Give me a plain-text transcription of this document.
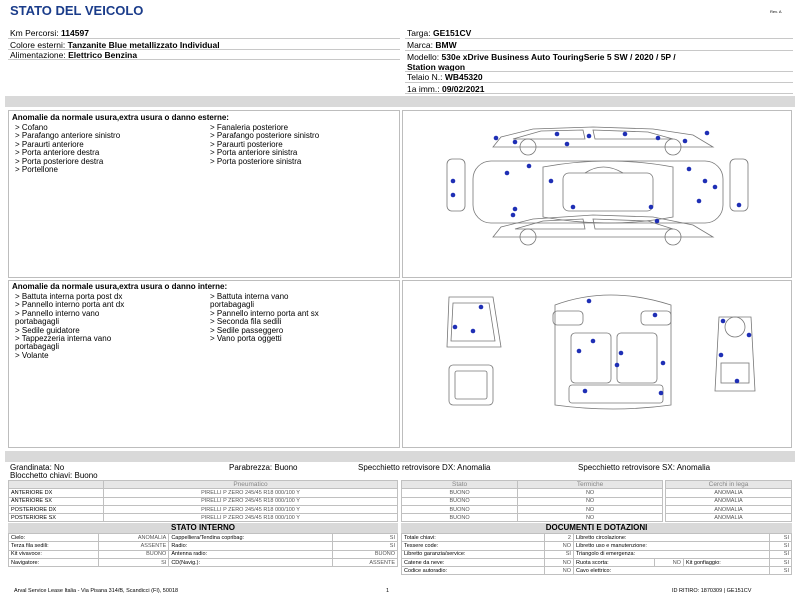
STATO DEL VEICOLO	Rev. A
Km Percorsi: 114597
Colore esterni: Tanzanite Blue metallizzato Individual
Alimentazione: Elettrico Benzina
Targa: GE151CV
Marca: BMW
Modello: 530e xDrive Business Auto TouringSerie 5 SW / 2020 / 5P /
Station wagon
Telaio N.: WB45320
1a imm.: 09/02/2021
Anomalie da normale usura,extra usura o danno esterne:
> Cofano
> Parafango anteriore sinistro
> Paraurti anteriore
> Porta anteriore destra
> Porta posteriore destra
> Portellone
> Fanaleria posteriore
> Parafango posteriore sinistro
> Paraurti posteriore
> Porta anteriore sinistra
> Porta posteriore sinistra
Anomalie da normale usura,extra usura o danno interne:
> Battuta interna porta post dx
> Pannello interno porta ant dx
> Pannello interno vano
portabagagli
> Sedile guidatore
> Tappezzeria interna vano
portabagagli
> Volante
> Battuta interna vano
portabagagli
> Pannello interno porta ant sx
> Seconda fila sedili
> Sedile passeggero
> Vano porta oggetti
Grandinata: No
Blocchetto chiavi: Buono
Parabrezza: Buono	Specchietto retrovisore DX: Anomalia	Specchietto retrovisore SX: Anomalia
	Pneumatico
ANTERIORE DX	PIRELLI P ZERO 245/45 R18 000/100 Y
ANTERIORE SX	PIRELLI P ZERO 245/45 R18 000/100 Y
POSTERIORE DX	PIRELLI P ZERO 245/45 R18 000/100 Y
POSTERIORE SX	PIRELLI P ZERO 245/45 R18 000/100 Y
Stato	Termiche
BUONO	NO
BUONO	NO
BUONO	NO
BUONO	NO
Cerchi in lega
ANOMALIA
ANOMALIA
ANOMALIA
ANOMALIA
STATO INTERNO
Cielo:	ANOMALIA	Cappelliera/Tendina copribag:	SI
Terza fila sedili:	ASSENTE	Radio:	SI
Kit vivavoce:	BUONO	Antenna radio:	BUONO
Navigatore:	SI	CD(Navig.):	ASSENTE
DOCUMENTI E DOTAZIONI
Totale chiavi:	2	Libretto circolazione:			SI
Tessere code:	NO	Libretto uso e manutenzione:			SI
Libretto garanzia/service:	SI	Triangolo di emergenza:			SI
Catene da neve:	NO	Ruota scorta:	NO	Kit gonfiaggio:	SI
Codice autoradio:	NO	Cavo elettrico:			SI
Arval Service Lease Italia - Via Pisana 314/B, Scandicci (FI), 50018	1	ID RITIRO: 1870309 | GE151CV
